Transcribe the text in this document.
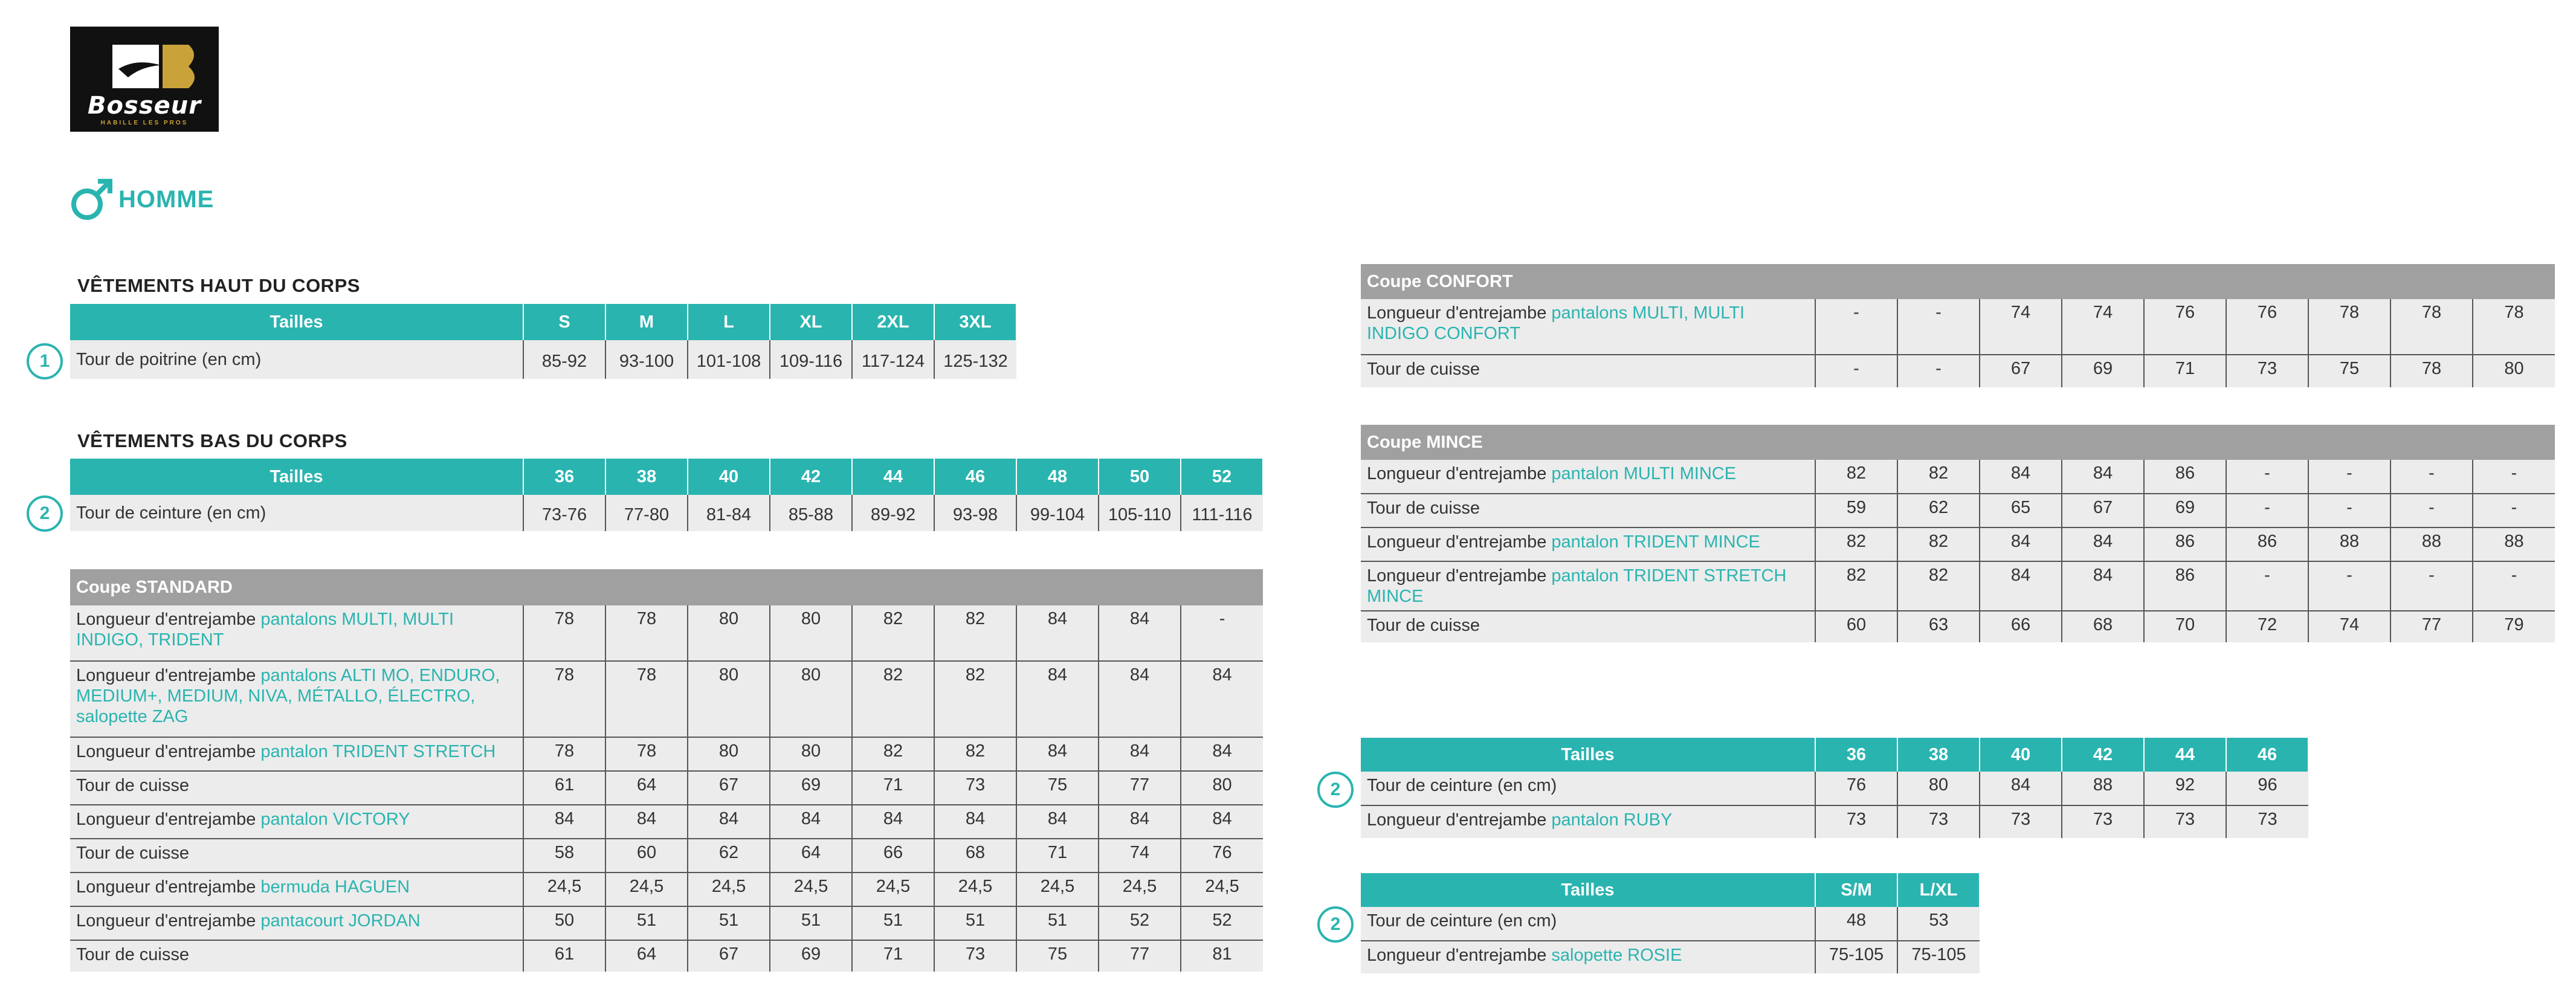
Bosseur
HABILLE LES PROS
HOMME
VÊTEMENTS HAUT DU CORPS
1
Tailles	S	M	L	XL	2XL	3XL
Tour de poitrine (en cm)	85-92	93-100	101-108	109-116	117-124	125-132
VÊTEMENTS BAS DU CORPS
2
Tailles	36	38	40	42	44	46	48	50	52
Tour de ceinture (en cm)	73-76	77-80	81-84	85-88	89-92	93-98	99-104	105-110	111-116
Coupe STANDARD									
Longueur d'entrejambe pantalons MULTI, MULTI INDIGO, TRIDENT	78	78	80	80	82	82	84	84	-
Longueur d'entrejambe pantalons ALTI MO, ENDURO, MEDIUM+, MEDIUM, NIVA, MÉTALLO, ÉLECTRO, salopette ZAG	78	78	80	80	82	82	84	84	84
Longueur d'entrejambe pantalon TRIDENT STRETCH	78	78	80	80	82	82	84	84	84
Tour de cuisse	61	64	67	69	71	73	75	77	80
Longueur d'entrejambe pantalon VICTORY	84	84	84	84	84	84	84	84	84
Tour de cuisse	58	60	62	64	66	68	71	74	76
Longueur d'entrejambe bermuda HAGUEN	24,5	24,5	24,5	24,5	24,5	24,5	24,5	24,5	24,5
Longueur d'entrejambe pantacourt JORDAN	50	51	51	51	51	51	51	52	52
Tour de cuisse	61	64	67	69	71	73	75	77	81
Coupe CONFORT									
Longueur d'entrejambe pantalons MULTI, MULTI INDIGO CONFORT	-	-	74	74	76	76	78	78	78
Tour de cuisse	-	-	67	69	71	73	75	78	80
Coupe MINCE									
Longueur d'entrejambe pantalon MULTI MINCE	82	82	84	84	86	-	-	-	-
Tour de cuisse	59	62	65	67	69	-	-	-	-
Longueur d'entrejambe pantalon TRIDENT MINCE	82	82	84	84	86	86	88	88	88
Longueur d'entrejambe pantalon TRIDENT STRETCH MINCE	82	82	84	84	86	-	-	-	-
Tour de cuisse	60	63	66	68	70	72	74	77	79
2
Tailles	36	38	40	42	44	46
Tour de ceinture (en cm)	76	80	84	88	92	96
Longueur d'entrejambe pantalon RUBY	73	73	73	73	73	73
2
Tailles	S/M	L/XL
Tour de ceinture (en cm)	48	53
Longueur d'entrejambe salopette ROSIE	75-105	75-105
